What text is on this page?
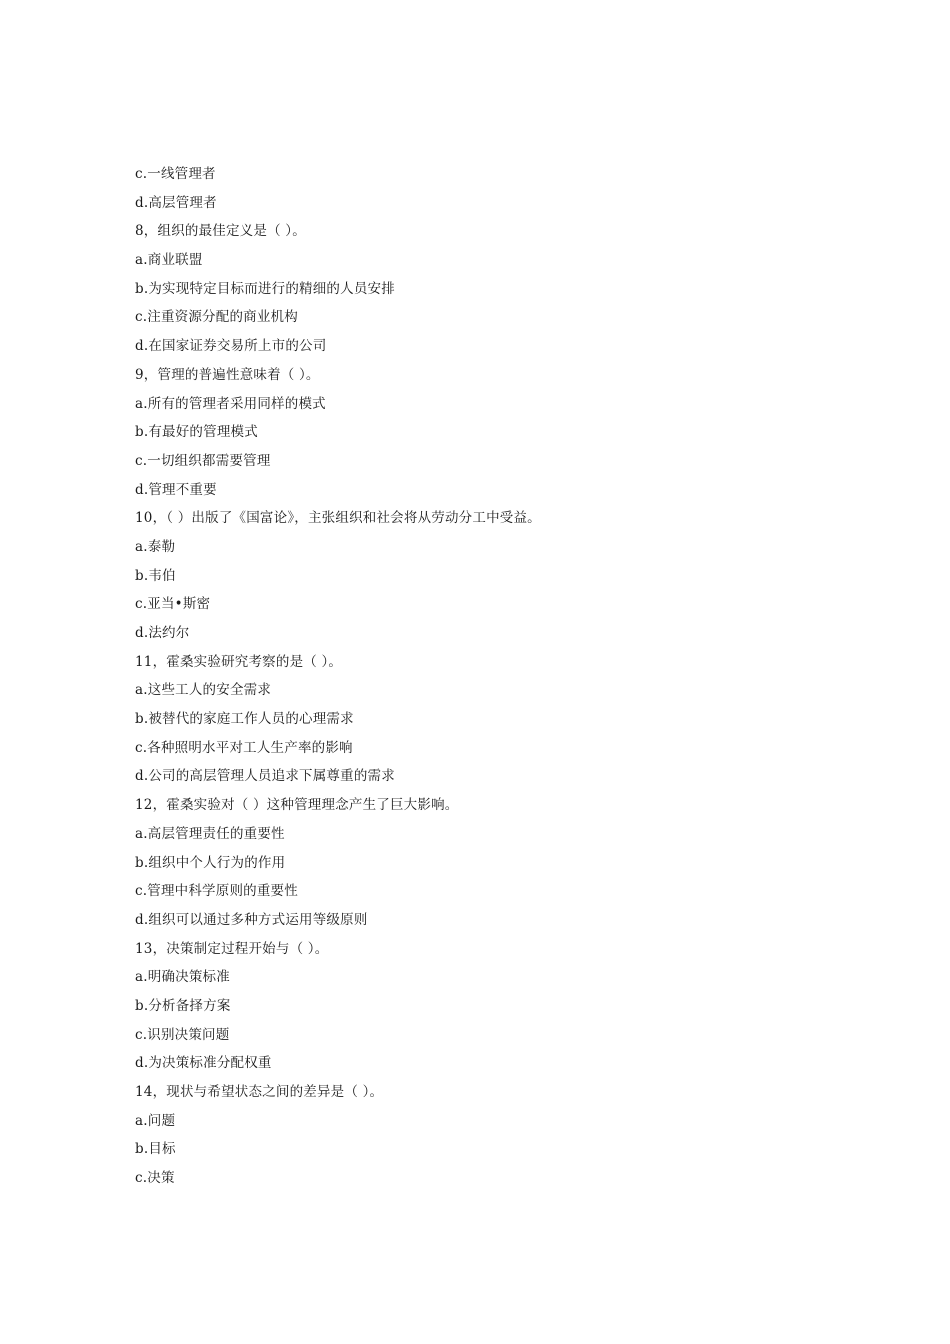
c.一线管理者
d.高层管理者
8，组织的最佳定义是（ ）。
a.商业联盟
b.为实现特定目标而进行的精细的人员安排
c.注重资源分配的商业机构
d.在国家证券交易所上市的公司
9，管理的普遍性意味着（ ）。
a.所有的管理者采用同样的模式
b.有最好的管理模式
c.一切组织都需要管理
d.管理不重要
10，（ ）出版了《国富论》，主张组织和社会将从劳动分工中受益。
a.泰勒
b.韦伯
c.亚当•斯密
d.法约尔
11，霍桑实验研究考察的是（ ）。
a.这些工人的安全需求
b.被替代的家庭工作人员的心理需求
c.各种照明水平对工人生产率的影响
d.公司的高层管理人员追求下属尊重的需求
12，霍桑实验对（ ）这种管理理念产生了巨大影响。
a.高层管理责任的重要性
b.组织中个人行为的作用
c.管理中科学原则的重要性
d.组织可以通过多种方式运用等级原则
13，决策制定过程开始与（ ）。
a.明确决策标准
b.分析备择方案
c.识别决策问题
d.为决策标准分配权重
14，现状与希望状态之间的差异是（ ）。
a.问题
b.目标
c.决策
